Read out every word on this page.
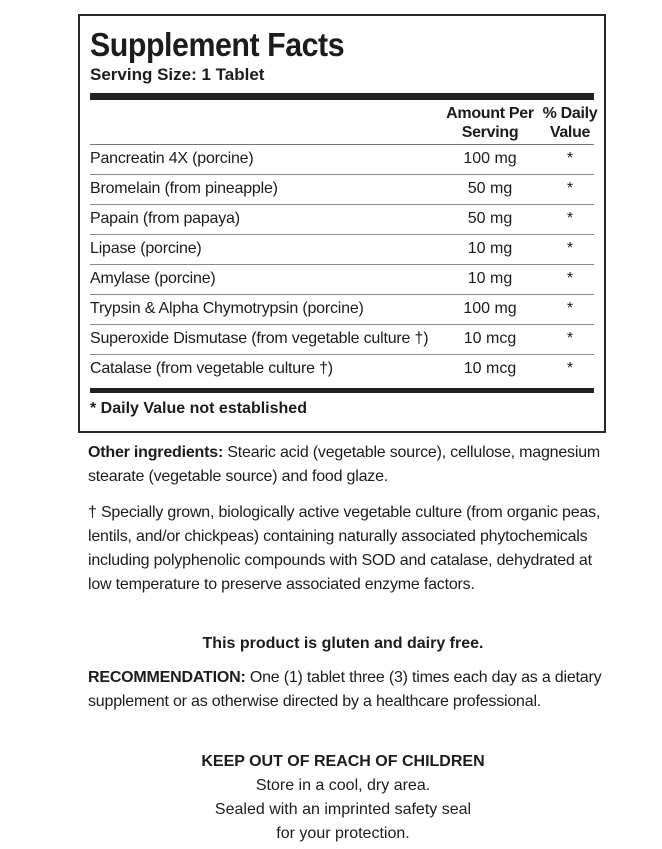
Supplement Facts
Serving Size: 1 Tablet
Amount Per
Serving
% Daily
Value
Pancreatin 4X (porcine)	100 mg	*
Bromelain (from pineapple)	50 mg	*
Papain (from papaya)	50 mg	*
Lipase (porcine)	10 mg	*
Amylase (porcine)	10 mg	*
Trypsin & Alpha Chymotrypsin (porcine)	100 mg	*
Superoxide Dismutase (from vegetable culture †)	10 mcg	*
Catalase (from vegetable culture †)	10 mcg	*
* Daily Value not established
Other ingredients: Stearic acid (vegetable source), cellulose, magnesium stearate (vegetable source) and food glaze.
† Specially grown, biologically active vegetable culture (from organic peas, lentils, and/or chickpeas) containing naturally associated phytochemicals including polyphenolic compounds with SOD and catalase, dehydrated at low temperature to preserve associated enzyme factors.
This product is gluten and dairy free.
RECOMMENDATION: One (1) tablet three (3) times each day as a dietary supplement or as otherwise directed by a healthcare professional.
KEEP OUT OF REACH OF CHILDREN
Store in a cool, dry area.
Sealed with an imprinted safety seal
for your protection.
